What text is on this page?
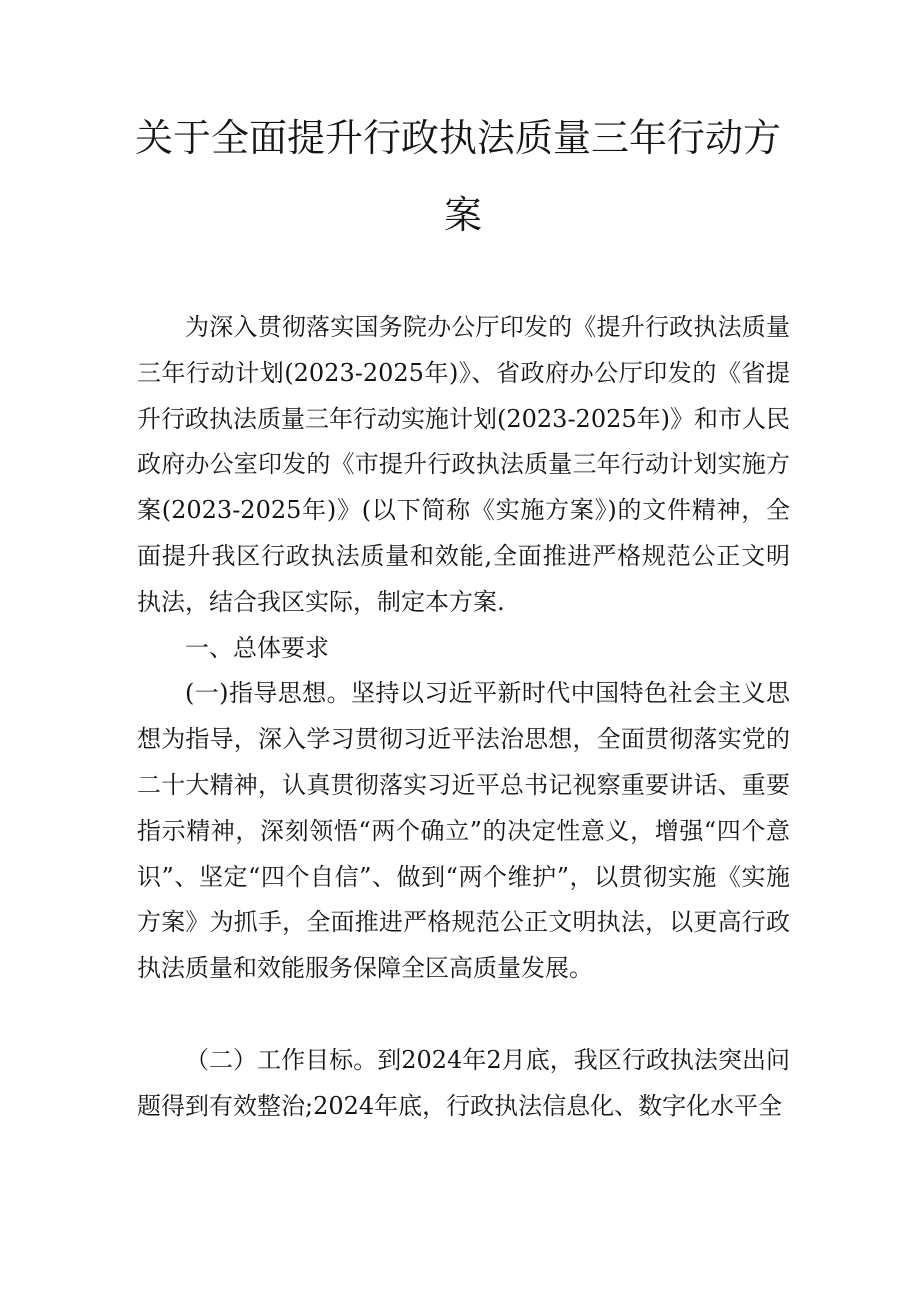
关于全面提升行政执法质量三年行动方
案

为深入贯彻落实国务院办公厅印发的《提升行政执法质量三年行动计划(2023-2025年)》、省政府办公厅印发的《省提升行政执法质量三年行动实施计划(2023-2025年)》和市人民政府办公室印发的《市提升行政执法质量三年行动计划实施方案(2023-2025年)》(以下简称《实施方案》)的文件精神，全面提升我区行政执法质量和效能,全面推进严格规范公正文明执法，结合我区实际，制定本方案.

一、总体要求

(一)指导思想。坚持以习近平新时代中国特色社会主义思想为指导，深入学习贯彻习近平法治思想，全面贯彻落实党的二十大精神，认真贯彻落实习近平总书记视察重要讲话、重要指示精神，深刻领悟“两个确立”的决定性意义，增强“四个意识”、坚定“四个自信”、做到“两个维护”，以贯彻实施《实施方案》为抓手，全面推进严格规范公正文明执法，以更高行政执法质量和效能服务保障全区高质量发展。

（二）工作目标。到2024年2月底，我区行政执法突出问题得到有效整治;2024年底，行政执法信息化、数字化水平全
